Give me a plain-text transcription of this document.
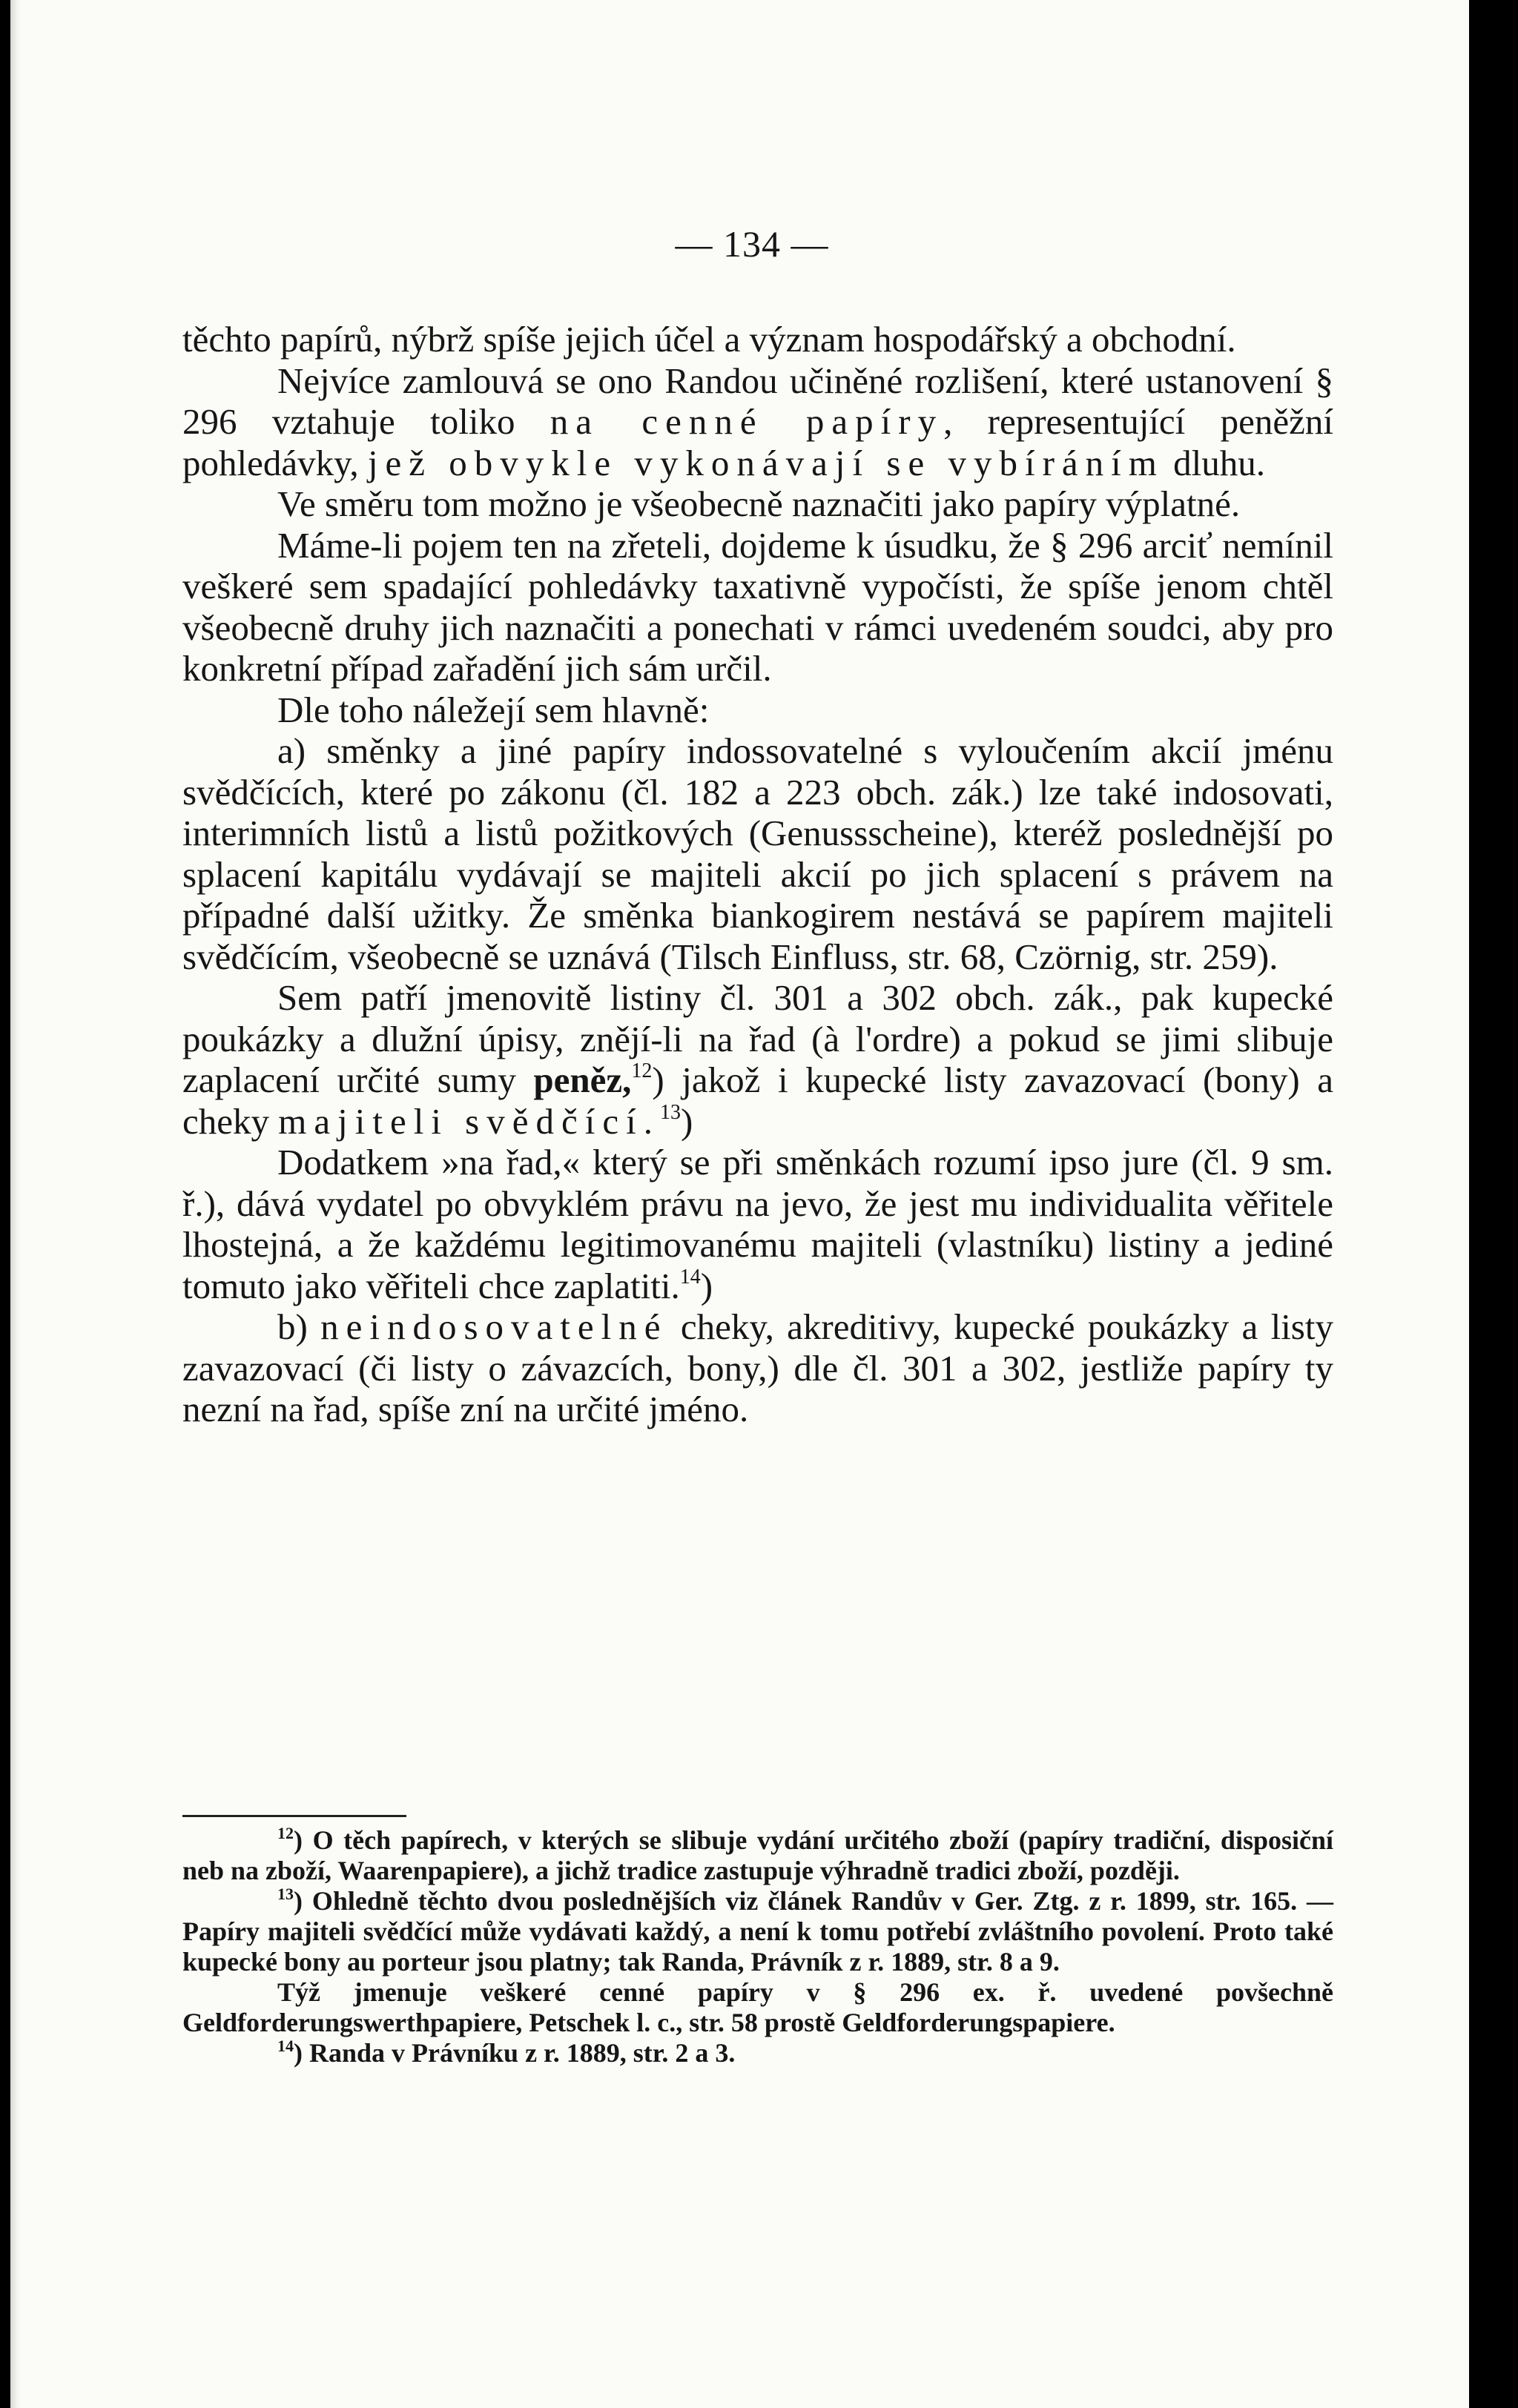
— 134 —

těchto papírů, nýbrž spíše jejich účel a význam hospodářský a obchodní.

Nejvíce zamlouvá se ono Randou učiněné rozlišení, které ustanovení § 296 vztahuje toliko na cenné papíry, representující peněžní pohledávky, jež obvykle vykonávají se vybíráním dluhu.

Ve směru tom možno je všeobecně naznačiti jako papíry výplatné.

Máme-li pojem ten na zřeteli, dojdeme k úsudku, že § 296 arciť nemínil veškeré sem spadající pohledávky taxativně vypočísti, že spíše jenom chtěl všeobecně druhy jich naznačiti a ponechati v rámci uvedeném soudci, aby pro konkretní případ zařadění jich sám určil.

Dle toho náležejí sem hlavně:

a) směnky a jiné papíry indossovatelné s vyloučením akcií jménu svědčících, které po zákonu (čl. 182 a 223 obch. zák.) lze také indosovati, interimních listů a listů požitkových (Genussscheine), kteréž poslednější po splacení kapitálu vydávají se majiteli akcií po jich splacení s právem na případné další užitky. Že směnka biankogirem nestává se papírem majiteli svědčícím, všeobecně se uznává (Tilsch Einfluss, str. 68, Czörnig, str. 259).

Sem patří jmenovitě listiny čl. 301 a 302 obch. zák., pak kupecké poukázky a dlužní úpisy, znějí-li na řad (à l'ordre) a pokud se jimi slibuje zaplacení určité sumy peněz,$^{12}$) jakož i kupecké listy zavazovací (bony) a cheky majiteli svědčící.$^{13}$)

Dodatkem »na řad,« který se při směnkách rozumí ipso jure (čl. 9 sm. ř.), dává vydatel po obvyklém právu na jevo, že jest mu individualita věřitele lhostejná, a že každému legitimovanému majiteli (vlastníku) listiny a jediné tomuto jako věřiteli chce zaplatiti.$^{14}$)

b) neindosovatelné cheky, akreditivy, kupecké poukázky a listy zavazovací (či listy o závazcích, bony,) dle čl. 301 a 302, jestliže papíry ty nezní na řad, spíše zní na určité jméno.

$^{12}$) O těch papírech, v kterých se slibuje vydání určitého zboží (papíry tradiční, disposiční neb na zboží, Waarenpapiere), a jichž tradice zastupuje výhradně tradici zboží, později.

$^{13}$) Ohledně těchto dvou poslednějších viz článek Randův v Ger. Ztg. z r. 1899, str. 165. — Papíry majiteli svědčící může vydávati každý, a není k tomu potřebí zvláštního povolení. Proto také kupecké bony au porteur jsou platny; tak Randa, Právník z r. 1889, str. 8 a 9.

Týž jmenuje veškeré cenné papíry v § 296 ex. ř. uvedené povšechně Geldforderungswerthpapiere, Petschek l. c., str. 58 prostě Geldforderungspapiere.

$^{14}$) Randa v Právníku z r. 1889, str. 2 a 3.
